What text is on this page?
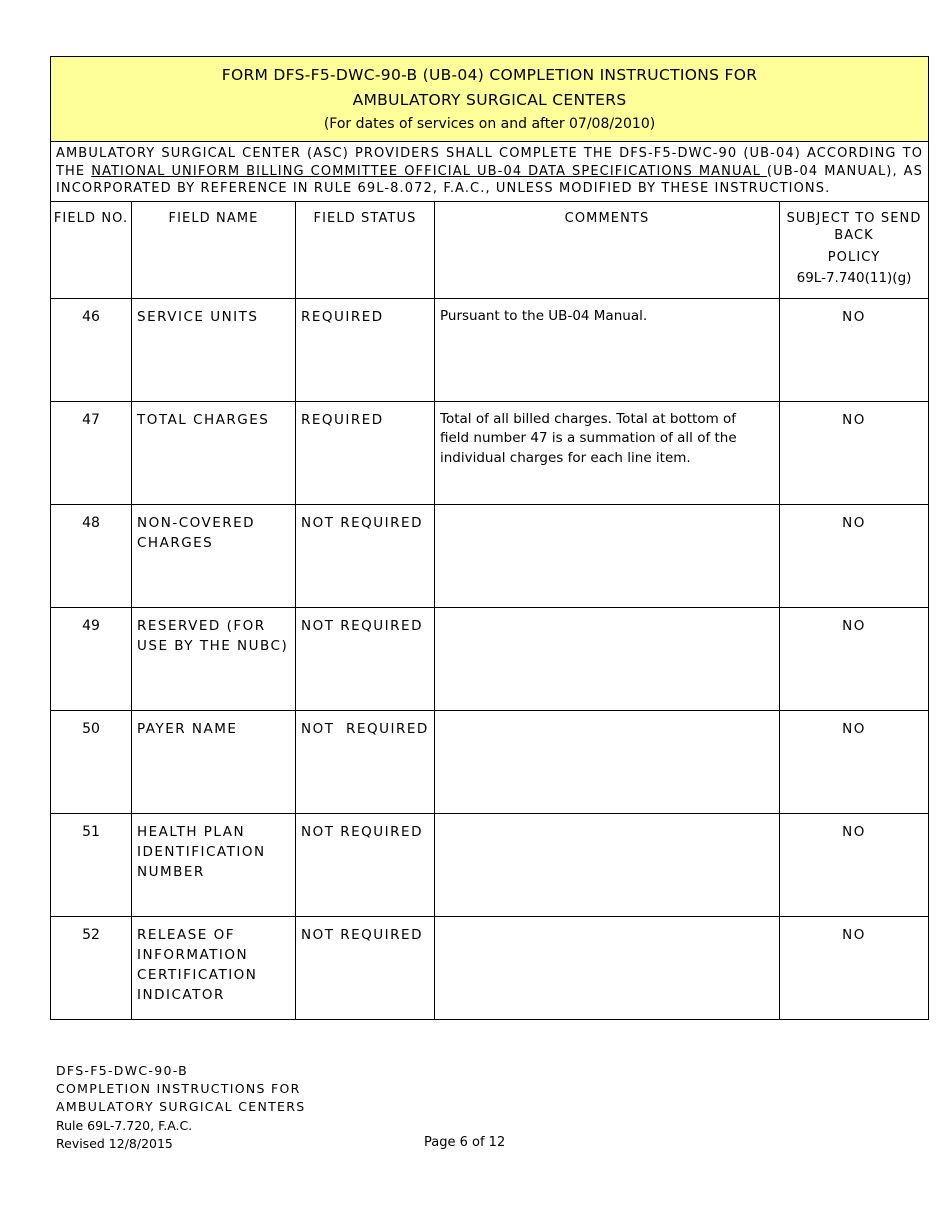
FORM DFS-F5-DWC-90-B (UB-04) COMPLETION INSTRUCTIONS FOR
AMBULATORY SURGICAL CENTERS
(For dates of services on and after 07/08/2010)				

AMBULATORY SURGICAL CENTER (ASC) PROVIDERS SHALL COMPLETE THE DFS-F5-DWC-90 (UB-04) ACCORDING TO THE NATIONAL UNIFORM BILLING COMMITTEE OFFICIAL UB-04 DATA SPECIFICATIONS MANUAL (UB-04 MANUAL), AS INCORPORATED BY REFERENCE IN RULE 69L-8.072, F.A.C., UNLESS MODIFIED BY THESE INSTRUCTIONS.				
FIELD NO.	FIELD NAME	FIELD STATUS	COMMENTS	SUBJECT TO SEND BACK
POLICY
69L-7.740(11)(g)

46	SERVICE UNITS	REQUIRED	Pursuant to the UB-04 Manual.	NO
47	TOTAL CHARGES	REQUIRED	Total of all billed charges. Total at bottom of field number 47 is a summation of all of the individual charges for each line item.	NO
48	NON-COVERED CHARGES	NOT REQUIRED		NO
49	RESERVED (FOR USE BY THE NUBC)	NOT REQUIRED		NO
50	PAYER NAME	NOT  REQUIRED		NO
51	HEALTH PLAN IDENTIFICATION NUMBER	NOT REQUIRED		NO
52	RELEASE OF INFORMATION CERTIFICATION INDICATOR	NOT REQUIRED		NO
DFS-F5-DWC-90-B
COMPLETION INSTRUCTIONS FOR
AMBULATORY SURGICAL CENTERS
Rule 69L-7.720, F.A.C.
Revised 12/8/2015	Page 6 of 12
